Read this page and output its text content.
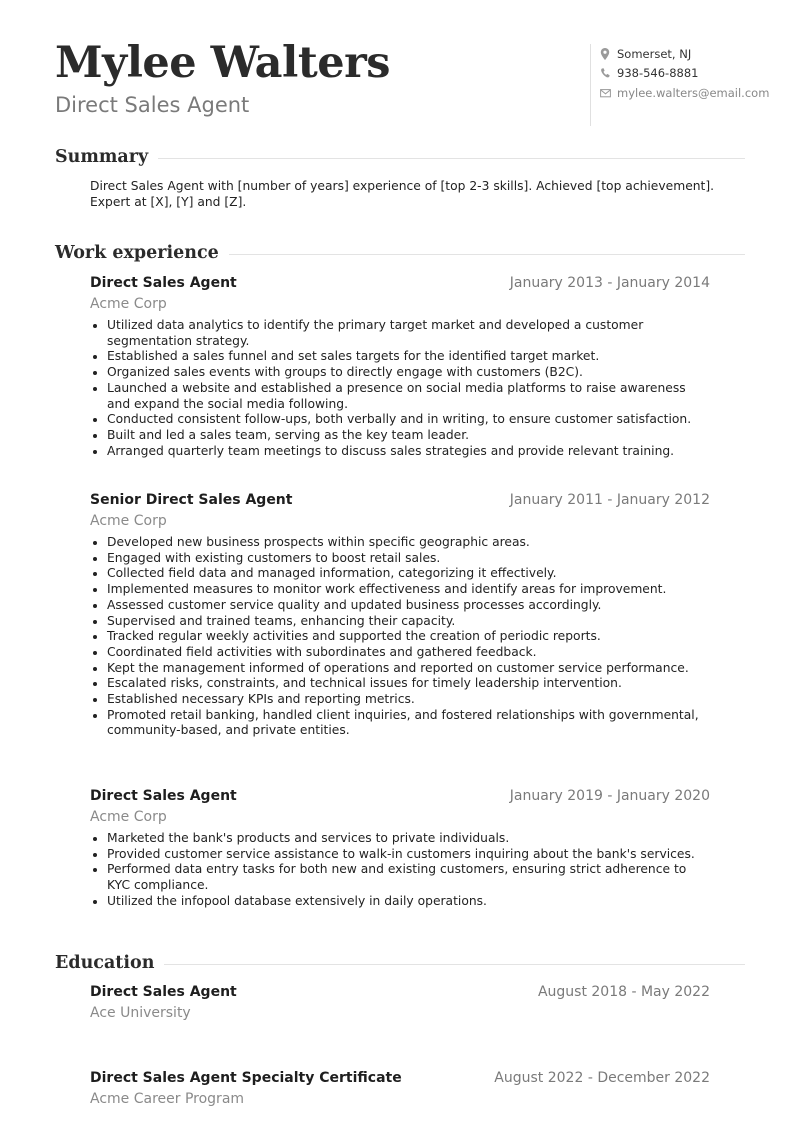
Mylee Walters
Direct Sales Agent
Somerset, NJ
938-546-8881
mylee.walters@email.com
Summary
Direct Sales Agent with [number of years] experience of [top 2-3 skills]. Achieved [top achievement]. Expert at [X], [Y] and [Z].
Work experience
Direct Sales Agent	January 2013 - January 2014
Acme Corp
• Utilized data analytics to identify the primary target market and developed a customer segmentation strategy.
• Established a sales funnel and set sales targets for the identified target market.
• Organized sales events with groups to directly engage with customers (B2C).
• Launched a website and established a presence on social media platforms to raise awareness and expand the social media following.
• Conducted consistent follow-ups, both verbally and in writing, to ensure customer satisfaction.
• Built and led a sales team, serving as the key team leader.
• Arranged quarterly team meetings to discuss sales strategies and provide relevant training.
Senior Direct Sales Agent	January 2011 - January 2012
Acme Corp
• Developed new business prospects within specific geographic areas.
• Engaged with existing customers to boost retail sales.
• Collected field data and managed information, categorizing it effectively.
• Implemented measures to monitor work effectiveness and identify areas for improvement.
• Assessed customer service quality and updated business processes accordingly.
• Supervised and trained teams, enhancing their capacity.
• Tracked regular weekly activities and supported the creation of periodic reports.
• Coordinated field activities with subordinates and gathered feedback.
• Kept the management informed of operations and reported on customer service performance.
• Escalated risks, constraints, and technical issues for timely leadership intervention.
• Established necessary KPIs and reporting metrics.
• Promoted retail banking, handled client inquiries, and fostered relationships with governmental, community-based, and private entities.
Direct Sales Agent	January 2019 - January 2020
Acme Corp
• Marketed the bank's products and services to private individuals.
• Provided customer service assistance to walk-in customers inquiring about the bank's services.
• Performed data entry tasks for both new and existing customers, ensuring strict adherence to KYC compliance.
• Utilized the infopool database extensively in daily operations.
Education
Direct Sales Agent	August 2018 - May 2022
Ace University
Direct Sales Agent Specialty Certificate	August 2022 - December 2022
Acme Career Program
